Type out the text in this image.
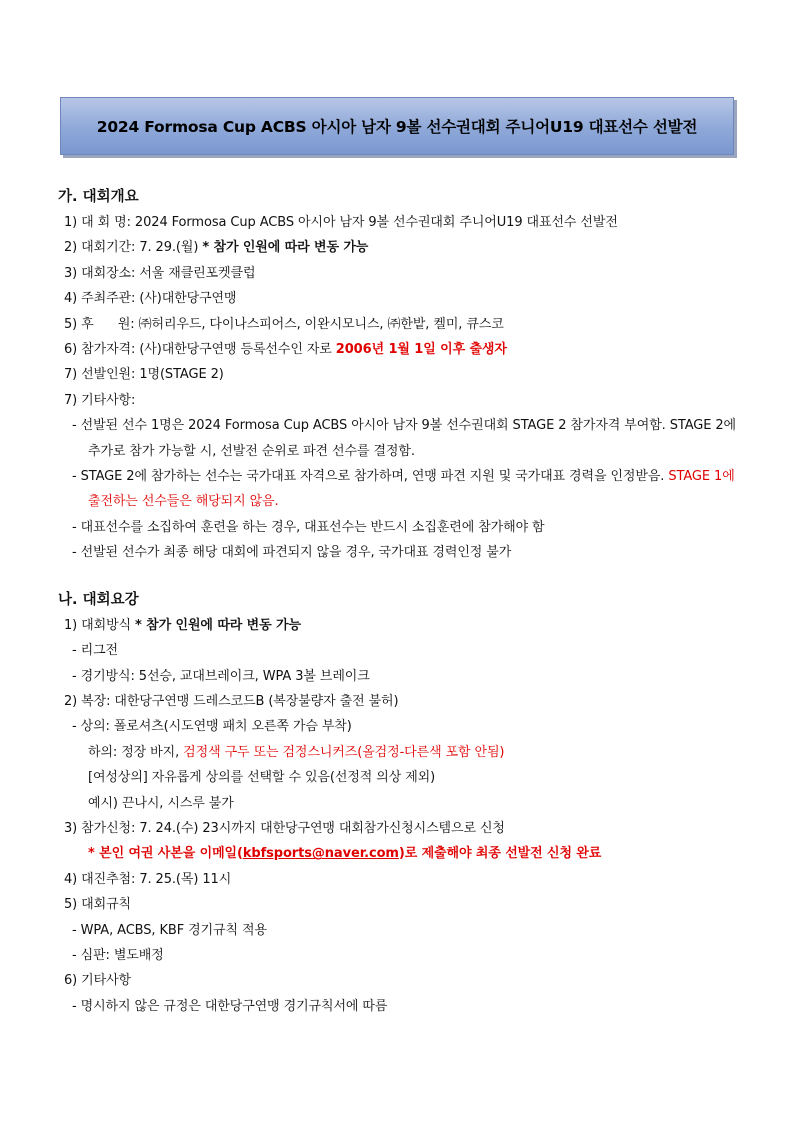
2024 Formosa Cup ACBS 아시아 남자 9볼 선수권대회 주니어U19 대표선수 선발전
가. 대회개요
1) 대 회 명: 2024 Formosa Cup ACBS 아시아 남자 9볼 선수권대회 주니어U19 대표선수 선발전
2) 대회기간: 7. 29.(월) * 참가 인원에 따라 변동 가능
3) 대회장소: 서울 재클린포켓클럽
4) 주최주관: (사)대한당구연맹
5) 후      원: ㈜허리우드, 다이나스피어스, 이완시모니스, ㈜한밭, 켈미, 큐스코
6) 참가자격: (사)대한당구연맹 등록선수인 자로 2006년 1월 1일 이후 출생자
7) 선발인원: 1명(STAGE 2)
7) 기타사항:
- 선발된 선수 1명은 2024 Formosa Cup ACBS 아시아 남자 9볼 선수권대회 STAGE 2 참가자격 부여함. STAGE 2에 추가로 참가 가능할 시, 선발전 순위로 파견 선수를 결정함.
- STAGE 2에 참가하는 선수는 국가대표 자격으로 참가하며, 연맹 파견 지원 및 국가대표 경력을 인정받음. STAGE 1에 출전하는 선수들은 해당되지 않음.
- 대표선수를 소집하여 훈련을 하는 경우, 대표선수는 반드시 소집훈련에 참가해야 함
- 선발된 선수가 최종 해당 대회에 파견되지 않을 경우, 국가대표 경력인정 불가
나. 대회요강
1) 대회방식 * 참가 인원에 따라 변동 가능
- 리그전
- 경기방식: 5선승, 교대브레이크, WPA 3볼 브레이크
2) 복장: 대한당구연맹 드레스코드B (복장불량자 출전 불허)
- 상의: 폴로셔츠(시도연맹 패치 오른쪽 가슴 부착)
하의: 정장 바지, 검정색 구두 또는 검정스니커즈(올검정-다른색 포함 안됨)
[여성상의] 자유롭게 상의를 선택할 수 있음(선정적 의상 제외)
예시) 끈나시, 시스루 불가
3) 참가신청: 7. 24.(수) 23시까지 대한당구연맹 대회참가신청시스템으로 신청
* 본인 여권 사본을 이메일(kbfsports@naver.com)로 제출해야 최종 선발전 신청 완료
4) 대진추첨: 7. 25.(목) 11시
5) 대회규칙
- WPA, ACBS, KBF 경기규칙 적용
- 심판: 별도배정
6) 기타사항
- 명시하지 않은 규정은 대한당구연맹 경기규칙서에 따름
